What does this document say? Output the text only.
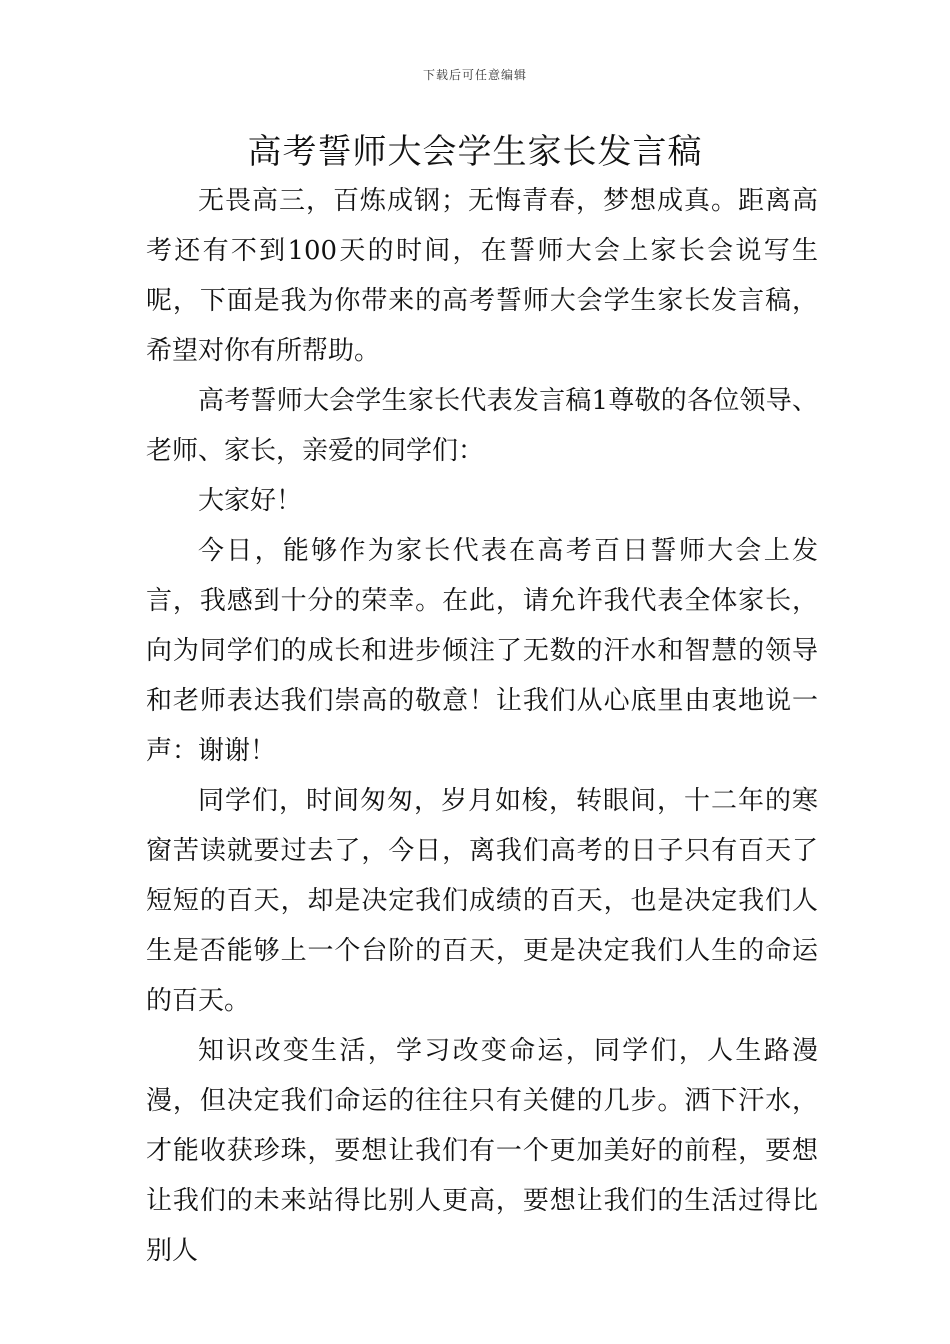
下载后可任意编辑
高考誓师大会学生家长发言稿

无畏高三，百炼成钢；无悔青春，梦想成真。距离高考还有不到100天的时间，在誓师大会上家长会说写生呢，下面是我为你带来的高考誓师大会学生家长发言稿，希望对你有所帮助。

高考誓师大会学生家长代表发言稿1尊敬的各位领导、老师、家长，亲爱的同学们：

大家好！

今日，能够作为家长代表在高考百日誓师大会上发言，我感到十分的荣幸。在此，请允许我代表全体家长，向为同学们的成长和进步倾注了无数的汗水和智慧的领导和老师表达我们崇高的敬意！让我们从心底里由衷地说一声：谢谢！

同学们，时间匆匆，岁月如梭，转眼间，十二年的寒窗苦读就要过去了，今日，离我们高考的日子只有百天了短短的百天，却是决定我们成绩的百天，也是决定我们人生是否能够上一个台阶的百天，更是决定我们人生的命运的百天。

知识改变生活，学习改变命运，同学们，人生路漫漫，但决定我们命运的往往只有关健的几步。洒下汗水，才能收获珍珠，要想让我们有一个更加美好的前程，要想让我们的未来站得比别人更高，要想让我们的生活过得比别人
